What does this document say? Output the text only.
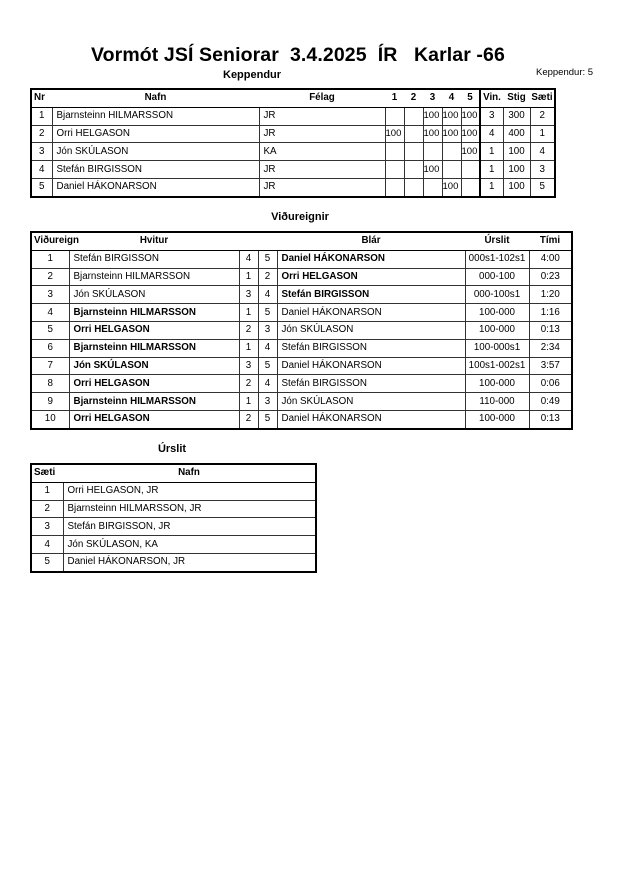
Vormót JSÍ Seniorar  3.4.2025  ÍR   Karlar -66
Keppendur	Keppendur: 5
Nr	Nafn	Félag	1	2	3	4	5	Vin.	Stig	Sæti
1	Bjarnsteinn HILMARSSON	JR			100	100	100	3	300	2
2	Orri HELGASON	JR	100		100	100	100	4	400	1
3	Jón SKÚLASON	KA					100	1	100	4
4	Stefán BIRGISSON	JR			100			1	100	3
5	Daniel HÁKONARSON	JR				100		1	100	5
Viðureignir
Viðureign	Hvitur			Blár	Úrslit	Tími
1	Stefán BIRGISSON	4	5	Daniel HÁKONARSON	000s1-102s1	4:00
2	Bjarnsteinn HILMARSSON	1	2	Orri HELGASON	000-100	0:23
3	Jón SKÚLASON	3	4	Stefán BIRGISSON	000-100s1	1:20
4	Bjarnsteinn HILMARSSON	1	5	Daniel HÁKONARSON	100-000	1:16
5	Orri HELGASON	2	3	Jón SKÚLASON	100-000	0:13
6	Bjarnsteinn HILMARSSON	1	4	Stefán BIRGISSON	100-000s1	2:34
7	Jón SKÚLASON	3	5	Daniel HÁKONARSON	100s1-002s1	3:57
8	Orri HELGASON	2	4	Stefán BIRGISSON	100-000	0:06
9	Bjarnsteinn HILMARSSON	1	3	Jón SKÚLASON	110-000	0:49
10	Orri HELGASON	2	5	Daniel HÁKONARSON	100-000	0:13
Úrslit
Sæti	Nafn
1	Orri HELGASON, JR
2	Bjarnsteinn HILMARSSON, JR
3	Stefán BIRGISSON, JR
4	Jón SKÚLASON, KA
5	Daniel HÁKONARSON, JR
